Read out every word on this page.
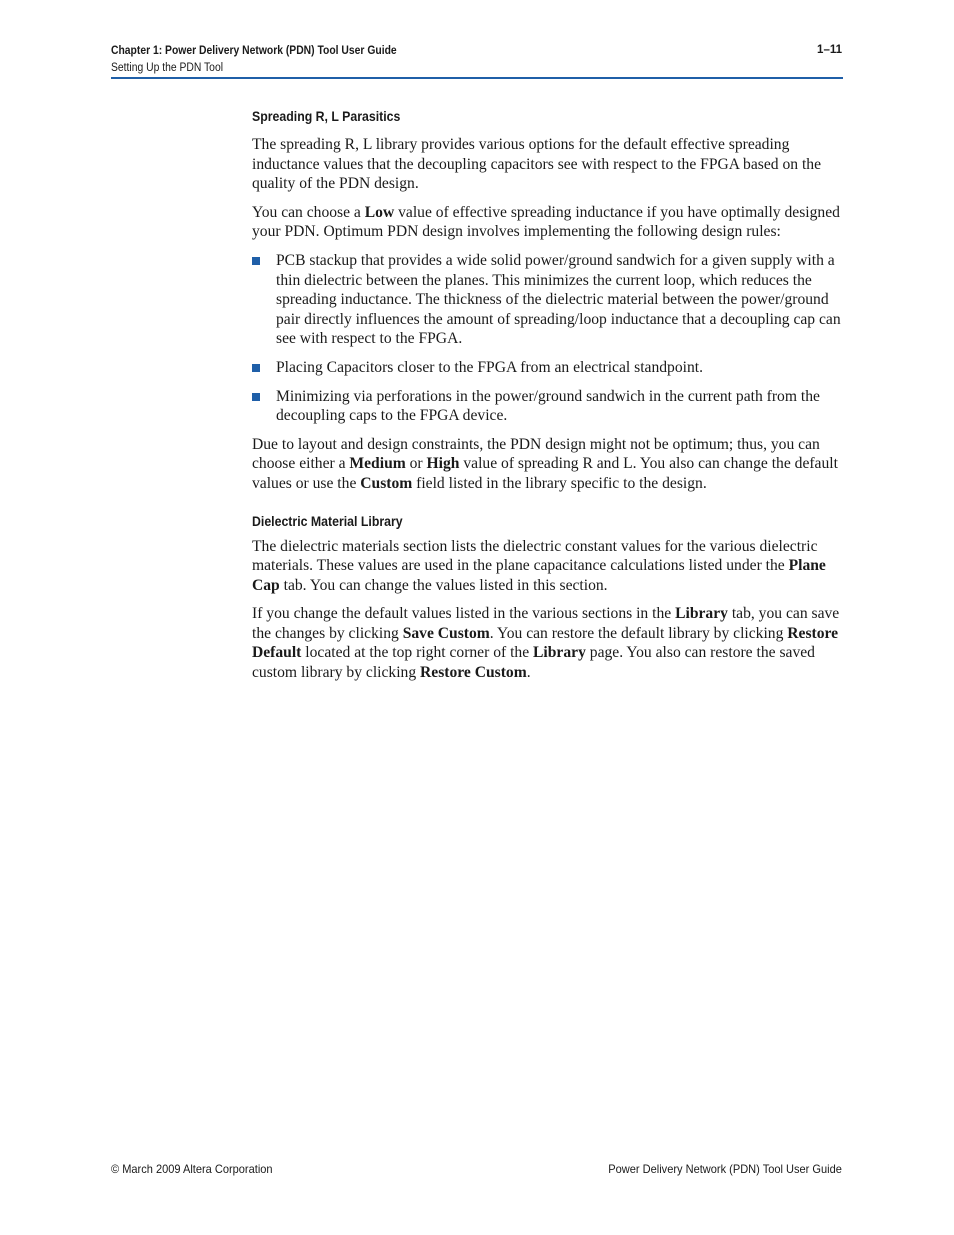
Chapter 1: Power Delivery Network (PDN) Tool User Guide
Setting Up the PDN Tool
1–11
Spreading R, L Parasitics

The spreading R, L library provides various options for the default effective spreading inductance values that the decoupling capacitors see with respect to the FPGA based on the quality of the PDN design.

You can choose a Low value of effective spreading inductance if you have optimally designed your PDN. Optimum PDN design involves implementing the following design rules:

PCB stackup that provides a wide solid power/ground sandwich for a given supply with a thin dielectric between the planes. This minimizes the current loop, which reduces the spreading inductance. The thickness of the dielectric material between the power/ground pair directly influences the amount of spreading/loop inductance that a decoupling cap can see with respect to the FPGA.
Placing Capacitors closer to the FPGA from an electrical standpoint.
Minimizing via perforations in the power/ground sandwich in the current path from the decoupling caps to the FPGA device.

Due to layout and design constraints, the PDN design might not be optimum; thus, you can choose either a Medium or High value of spreading R and L. You also can change the default values or use the Custom field listed in the library specific to the design.

Dielectric Material Library

The dielectric materials section lists the dielectric constant values for the various dielectric materials. These values are used in the plane capacitance calculations listed under the Plane Cap tab. You can change the values listed in this section.

If you change the default values listed in the various sections in the Library tab, you can save the changes by clicking Save Custom. You can restore the default library by clicking Restore Default located at the top right corner of the Library page. You also can restore the saved custom library by clicking Restore Custom.

© March 2009 Altera Corporation	Power Delivery Network (PDN) Tool User Guide
